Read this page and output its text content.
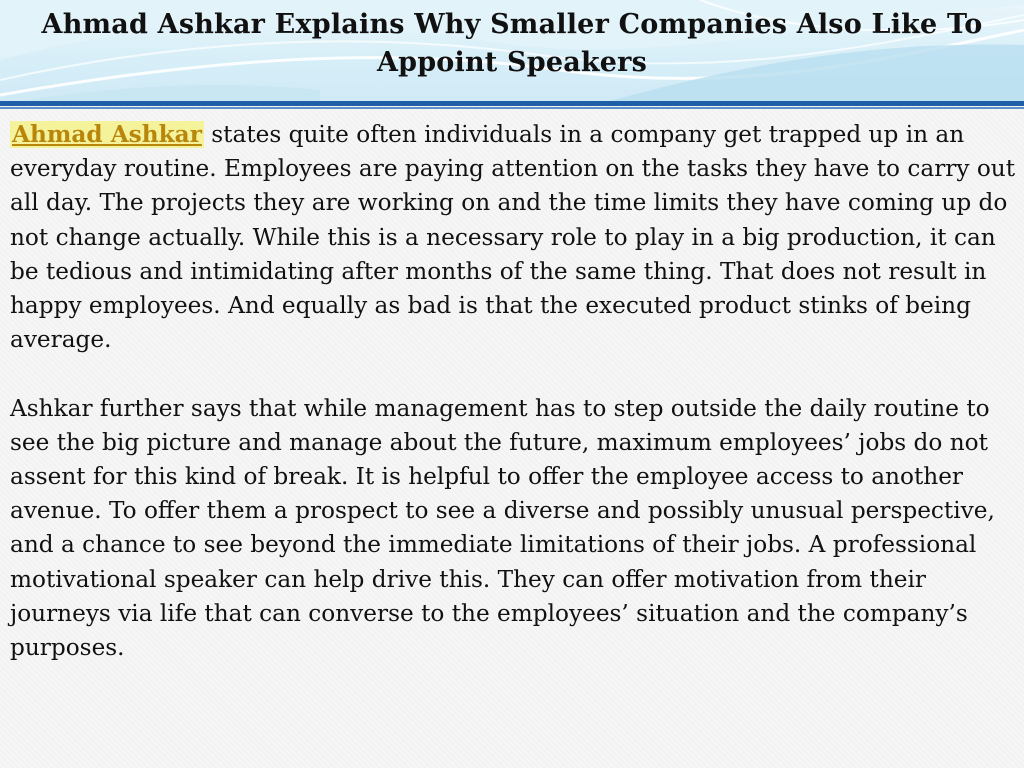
Ahmad Ashkar Explains Why Smaller Companies Also Like To Appoint Speakers

Ahmad Ashkar states quite often individuals in a company get trapped up in an everyday routine. Employees are paying attention on the tasks they have to carry out all day. The projects they are working on and the time limits they have coming up do not change actually. While this is a necessary role to play in a big production, it can be tedious and intimidating after months of the same thing. That does not result in happy employees. And equally as bad is that the executed product stinks of being average.

Ashkar further says that while management has to step outside the daily routine to see the big picture and manage about the future, maximum employees’ jobs do not assent for this kind of break. It is helpful to offer the employee access to another avenue. To offer them a prospect to see a diverse and possibly unusual perspective, and a chance to see beyond the immediate limitations of their jobs. A professional motivational speaker can help drive this. They can offer motivation from their journeys via life that can converse to the employees’ situation and the company’s purposes.
